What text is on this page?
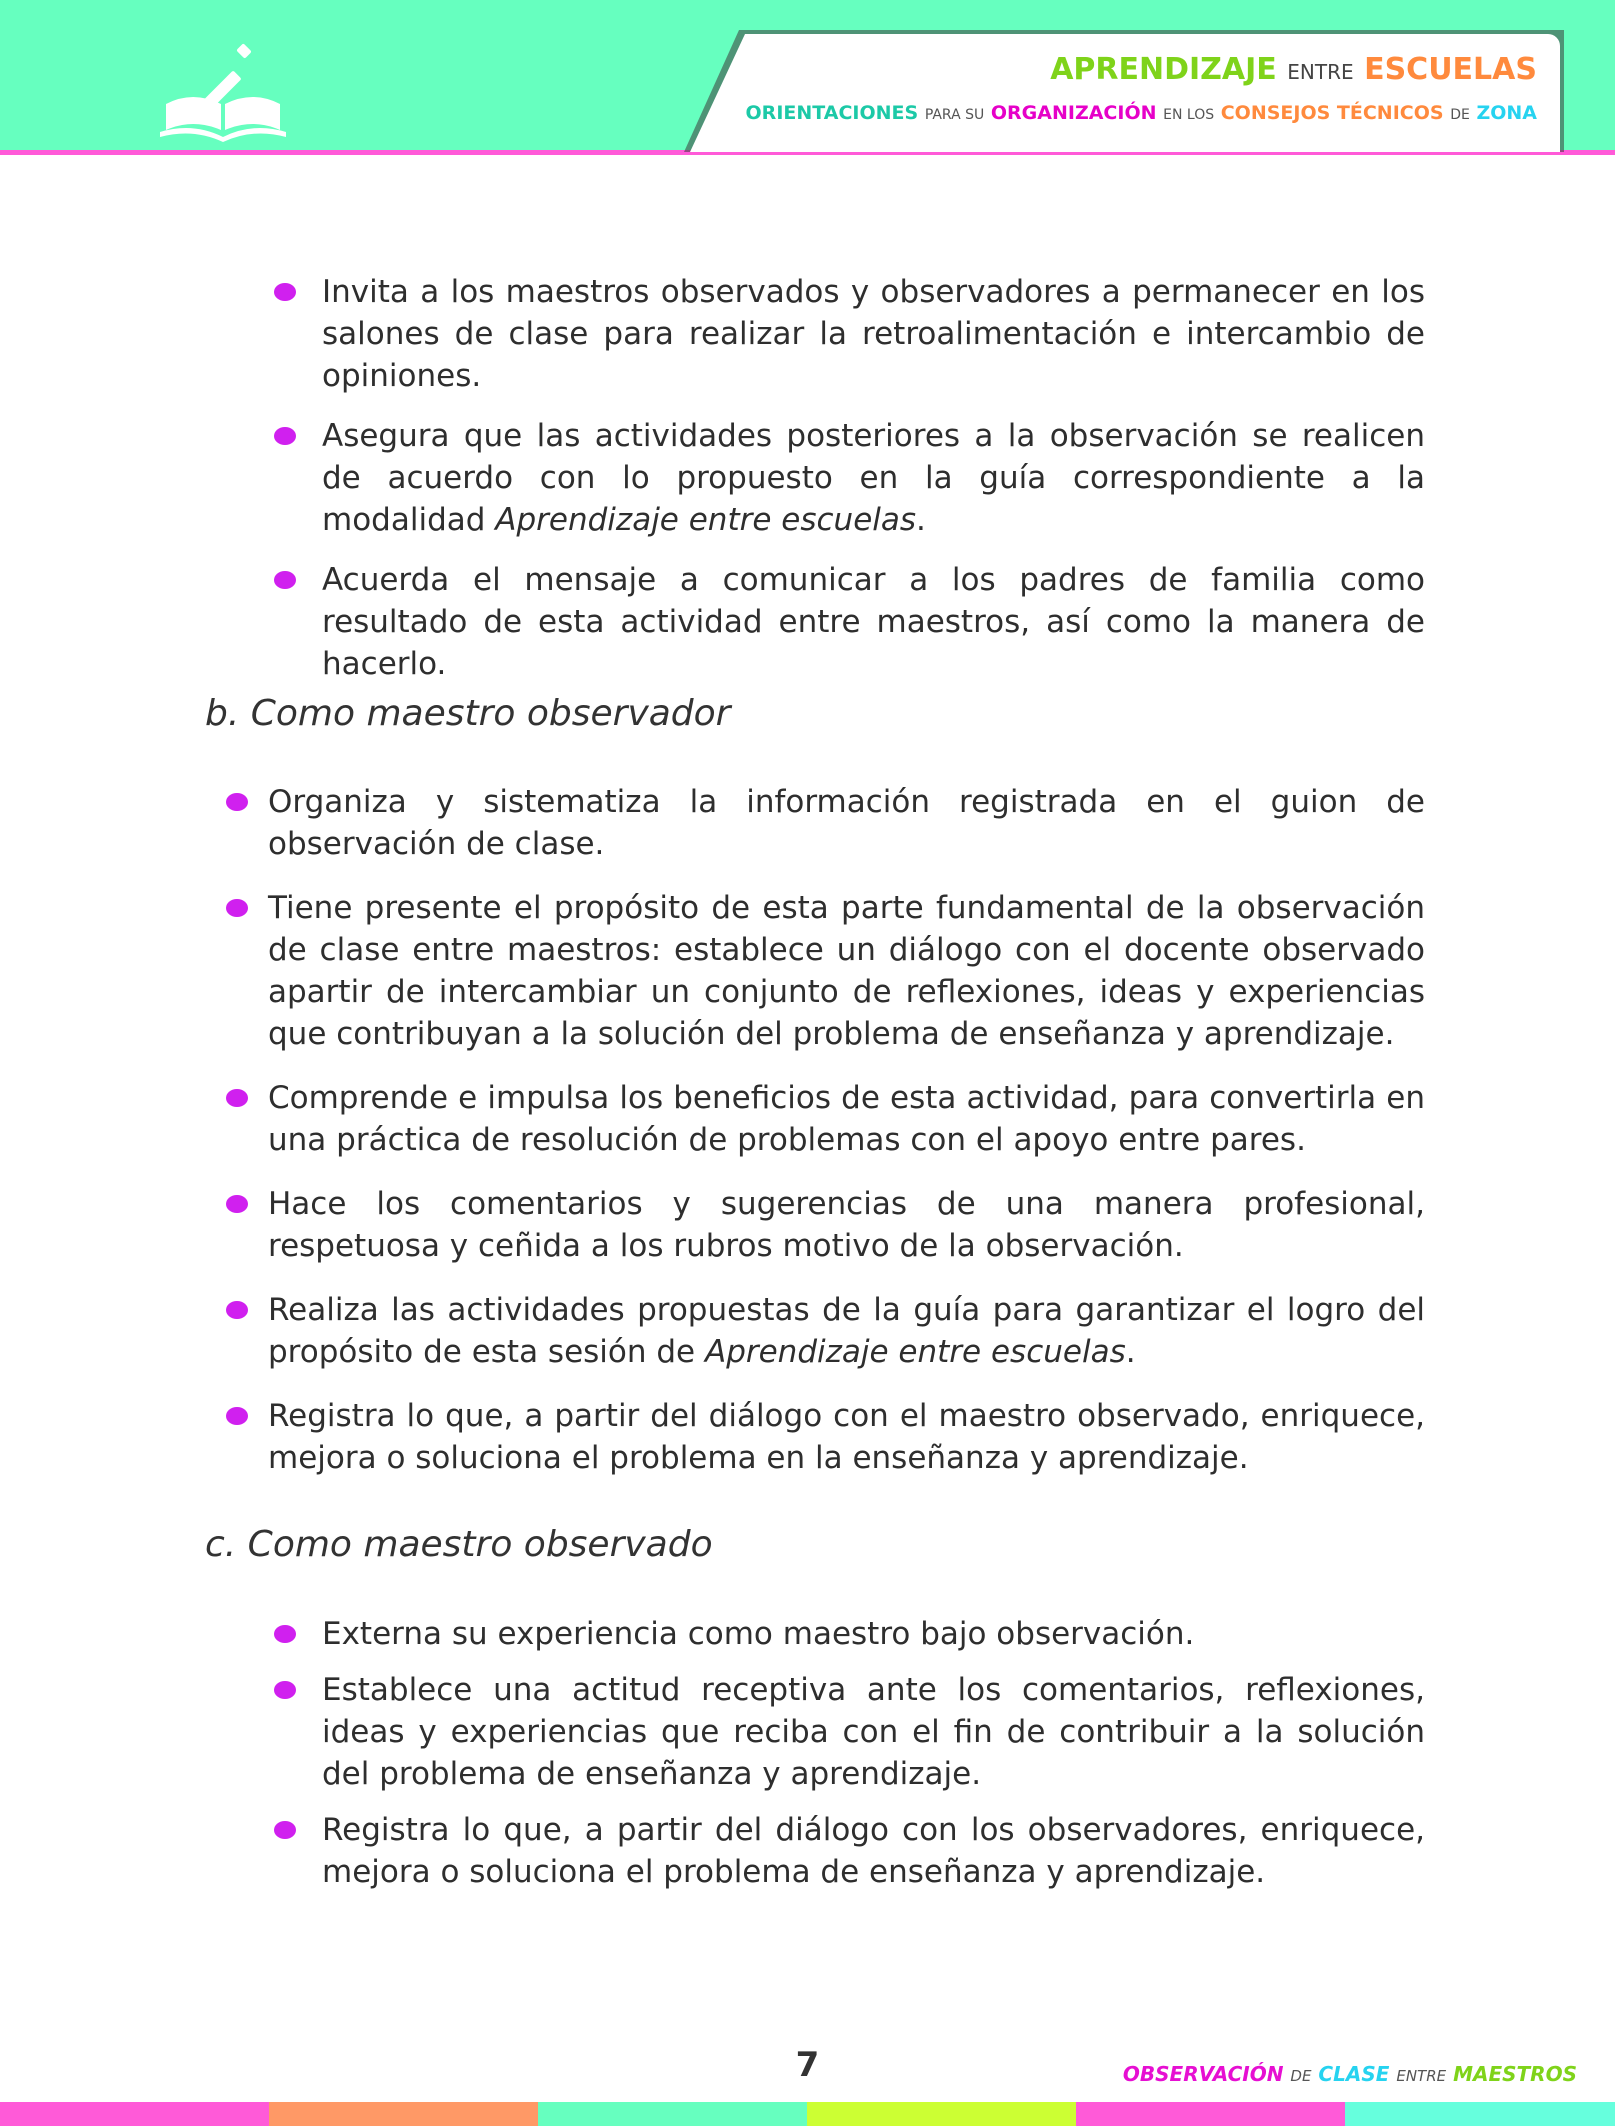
APRENDIZAJE ENTRE ESCUELAS
ORIENTACIONES PARA SU ORGANIZACIÓN EN LOS CONSEJOS TÉCNICOS DE ZONA
Invita a los maestros observados y observadores a permanecer en los salones de clase para realizar la retroalimentación e intercambio de opiniones.
Asegura que las actividades posteriores a la observación se realicen de acuerdo con lo propuesto en la guía correspondiente a la modalidad Aprendizaje entre escuelas.
Acuerda el mensaje a comunicar a los padres de familia como resultado de esta actividad entre maestros, así como la manera de hacerlo.
b. Como maestro observador
Organiza y sistematiza la información registrada en el guion de observación de clase.
Tiene presente el propósito de esta parte fundamental de la observación de clase entre maestros: establece un diálogo con el docente observado apartir de intercambiar un conjunto de reflexiones, ideas y experiencias que contribuyan a la solución del problema de enseñanza y aprendizaje.
Comprende e impulsa los beneficios de esta actividad, para convertirla en una práctica de resolución de problemas con el apoyo entre pares.
Hace los comentarios y sugerencias de una manera profesional, respetuosa y ceñida a los rubros motivo de la observación.
Realiza las actividades propuestas de la guía para garantizar el logro del propósito de esta sesión de Aprendizaje entre escuelas.
Registra lo que, a partir del diálogo con el maestro observado, enriquece, mejora o soluciona el problema en la enseñanza y aprendizaje.
c. Como maestro observado
Externa su experiencia como maestro bajo observación.
Establece una actitud receptiva ante los comentarios, reflexiones, ideas y experiencias que reciba con el fin de contribuir a la solución del problema de enseñanza y aprendizaje.
Registra lo que, a partir del diálogo con los observadores, enriquece, mejora o soluciona el problema de enseñanza y aprendizaje.
7	OBSERVACIÓN DE CLASE ENTRE MAESTROS
